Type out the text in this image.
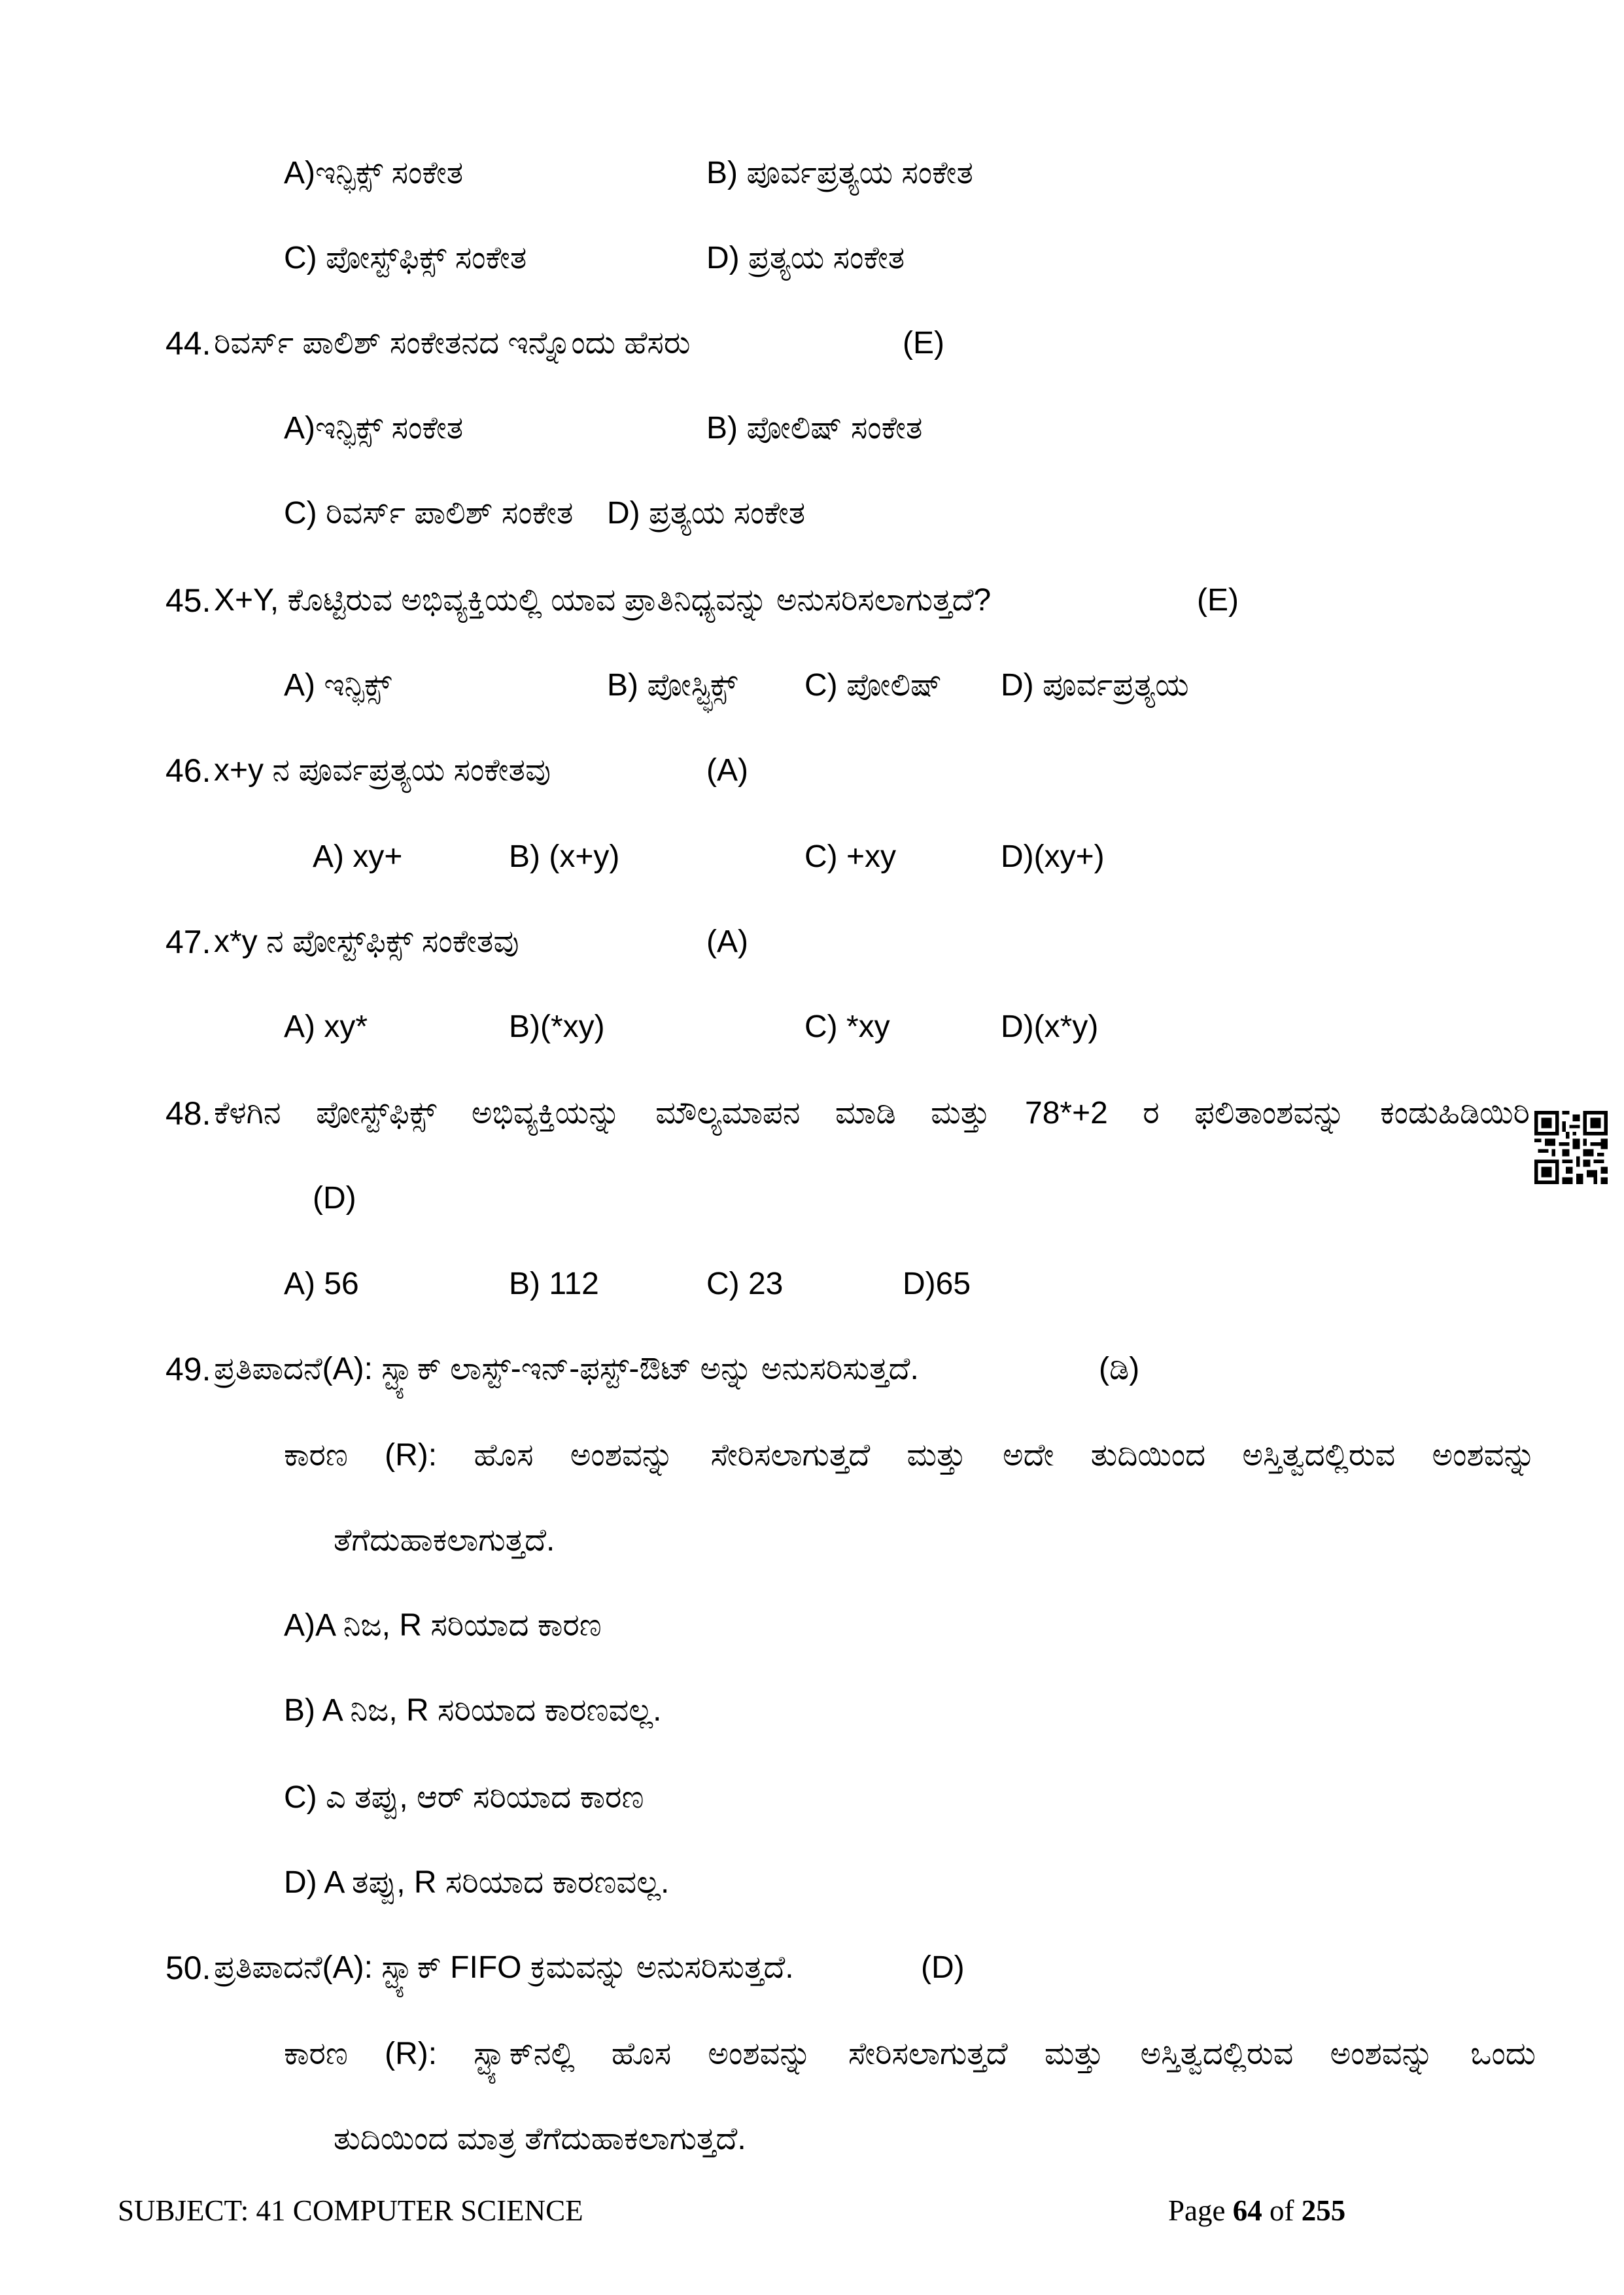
A)ಇನ್ಫಿಕ್ಸ್ ಸಂಕೇತ	B) ಪೂರ್ವಪ್ರತ್ಯಯ ಸಂಕೇತ
C) ಪೋಸ್ಟ್‌ಫಿಕ್ಸ್ ಸಂಕೇತ	D) ಪ್ರತ್ಯಯ ಸಂಕೇತ
44. ರಿವರ್ಸ್ ಪಾಲಿಶ್ ಸಂಕೇತನದ ಇನ್ನೊಂದು ಹೆಸರು	(E)
A)ಇನ್ಫಿಕ್ಸ್ ಸಂಕೇತ	B) ಪೋಲಿಷ್ ಸಂಕೇತ
C) ರಿವರ್ಸ್ ಪಾಲಿಶ್ ಸಂಕೇತ D) ಪ್ರತ್ಯಯ ಸಂಕೇತ
45. X+Y, ಕೊಟ್ಟಿರುವ ಅಭಿವ್ಯಕ್ತಿಯಲ್ಲಿ ಯಾವ ಪ್ರಾತಿನಿಧ್ಯವನ್ನು ಅನುಸರಿಸಲಾಗುತ್ತದೆ?	(E)
A) ಇನ್ಫಿಕ್ಸ್	B) ಪೋಸ್ಟ್ಫಿಕ್ಸ್ C) ಪೋಲಿಷ್ D) ಪೂರ್ವಪ್ರತ್ಯಯ
46. x+y ನ ಪೂರ್ವಪ್ರತ್ಯಯ ಸಂಕೇತವು	(A)
A) xy+	B) (x+y)	C) +xy	D)(xy+)
47. x*y ನ ಪೋಸ್ಟ್‌ಫಿಕ್ಸ್ ಸಂಕೇತವು	(A)
A) xy*	B)(*xy)	C) *xy	D)(x*y)
48. ಕೆಳಗಿನ ಪೋಸ್ಟ್‌ಫಿಕ್ಸ್ ಅಭಿವ್ಯಕ್ತಿಯನ್ನು ಮೌಲ್ಯಮಾಪನ ಮಾಡಿ ಮತ್ತು 78*+2 ರ ಫಲಿತಾಂಶವನ್ನು ಕಂಡುಹಿಡಿಯಿರಿ
(D)
A) 56	B) 112	C) 23	D)65
49. ಪ್ರತಿಪಾದನೆ(A): ಸ್ಟ್ಯಾಕ್ ಲಾಸ್ಟ್-ಇನ್-ಫಸ್ಟ್-ಔಟ್ ಅನ್ನು ಅನುಸರಿಸುತ್ತದೆ.	(ಡಿ)
ಕಾರಣ (R): ಹೊಸ ಅಂಶವನ್ನು ಸೇರಿಸಲಾಗುತ್ತದೆ ಮತ್ತು ಅದೇ ತುದಿಯಿಂದ ಅಸ್ತಿತ್ವದಲ್ಲಿರುವ ಅಂಶವನ್ನು
ತೆಗೆದುಹಾಕಲಾಗುತ್ತದೆ.
A)A ನಿಜ, R ಸರಿಯಾದ ಕಾರಣ
B) A ನಿಜ, R ಸರಿಯಾದ ಕಾರಣವಲ್ಲ.
C) ಎ ತಪ್ಪು, ಆರ್ ಸರಿಯಾದ ಕಾರಣ
D) A ತಪ್ಪು, R ಸರಿಯಾದ ಕಾರಣವಲ್ಲ.
50. ಪ್ರತಿಪಾದನೆ(A): ಸ್ಟ್ಯಾಕ್ FIFO ಕ್ರಮವನ್ನು ಅನುಸರಿಸುತ್ತದೆ.	(D)
ಕಾರಣ (R): ಸ್ಟ್ಯಾಕ್‌ನಲ್ಲಿ ಹೊಸ ಅಂಶವನ್ನು ಸೇರಿಸಲಾಗುತ್ತದೆ ಮತ್ತು ಅಸ್ತಿತ್ವದಲ್ಲಿರುವ ಅಂಶವನ್ನು ಒಂದು
ತುದಿಯಿಂದ ಮಾತ್ರ ತೆಗೆದುಹಾಕಲಾಗುತ್ತದೆ.
SUBJECT: 41 COMPUTER SCIENCE	Page 64 of 255
